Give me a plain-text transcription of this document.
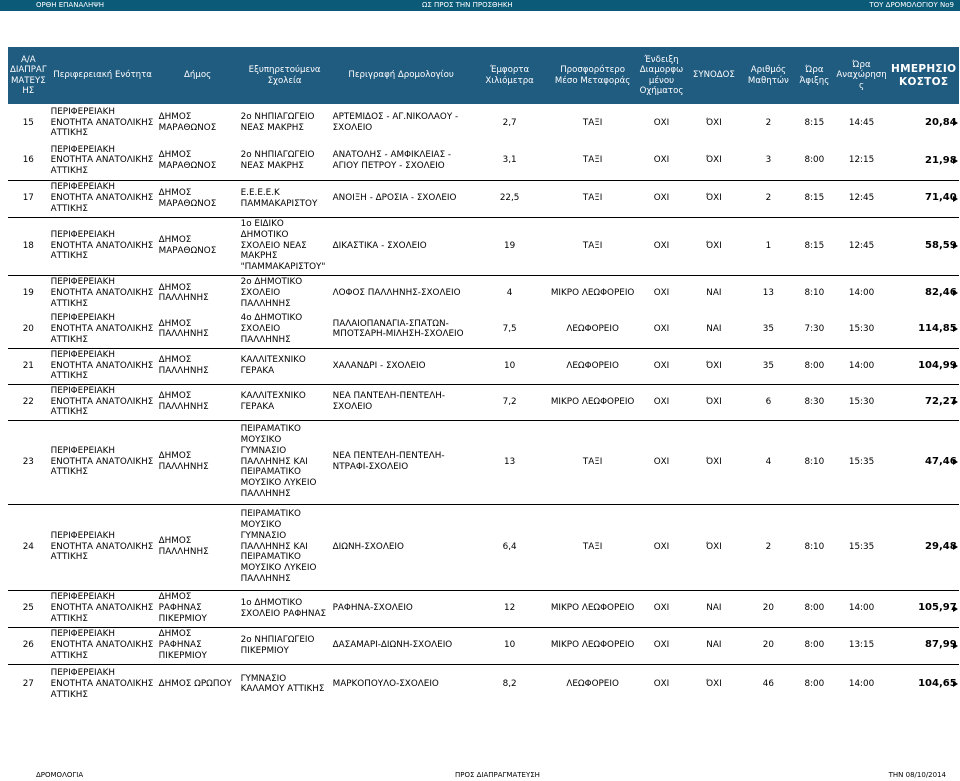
ΟΡΘΗ ΕΠΑΝΑΛΗΨΗ	ΩΣ ΠΡΟΣ ΤΗΝ ΠΡΟΣΘΗΚΗ	ΤΟΥ ΔΡΟΜΟΛΟΓΙΟΥ Νο9
Α/Α ΔΙΑΠΡΑΓ ΜΑΤΕΥΣ ΗΣ	Περιφερειακή Ενότητα	Δήμος	Εξυπηρετούμενα Σχολεία	Περιγραφή Δρομολογίου	Έμφορτα Χιλιόμετρα	Προσφορότερο Μέσο Μεταφοράς	Ένδειξη Διαμορφω μένου Οχήματος	ΣΥΝΟΔΟΣ	Αριθμός Μαθητών	Ώρα Άφιξης	Ώρα Αναχώρηση ς	ΗΜΕΡΗΣΙΟ ΚΟΣΤΟΣ
15	ΠΕΡΙΦΕΡΕΙΑΚΗ ΕΝΟΤΗΤΑ ΑΝΑΤΟΛΙΚΗΣ ΑΤΤΙΚΗΣ	ΔΗΜΟΣ ΜΑΡΑΘΩΝΟΣ	2ο ΝΗΠΙΑΓΩΓΕΙΟ ΝΕΑΣ ΜΑΚΡΗΣ	ΑΡΤΕΜΙΔΟΣ - ΑΓ.ΝΙΚΟΛΑΟΥ - ΣΧΟΛΕΙΟ	2,7	ΤΑΞΙ	ΟΧΙ	ΌΧΙ	2	8:15	14:45	20,84
16	ΠΕΡΙΦΕΡΕΙΑΚΗ ΕΝΟΤΗΤΑ ΑΝΑΤΟΛΙΚΗΣ ΑΤΤΙΚΗΣ	ΔΗΜΟΣ ΜΑΡΑΘΩΝΟΣ	2ο ΝΗΠΙΑΓΩΓΕΙΟ ΝΕΑΣ ΜΑΚΡΗΣ	ΑΝΑΤΟΛΗΣ - ΑΜΦΙΚΛΕΙΑΣ - ΑΓΙΟΥ ΠΕΤΡΟΥ - ΣΧΟΛΕΙΟ	3,1	ΤΑΞΙ	ΟΧΙ	ΌΧΙ	3	8:00	12:15	21,98
17	ΠΕΡΙΦΕΡΕΙΑΚΗ ΕΝΟΤΗΤΑ ΑΝΑΤΟΛΙΚΗΣ ΑΤΤΙΚΗΣ	ΔΗΜΟΣ ΜΑΡΑΘΩΝΟΣ	Ε.Ε.Ε.Ε.Κ ΠΑΜΜΑΚΑΡΙΣΤΟΥ	ΑΝΟΙΞΗ - ΔΡΟΣΙΑ - ΣΧΟΛΕΙΟ	22,5	ΤΑΞΙ	ΟΧΙ	ΌΧΙ	2	8:15	12:45	71,40
18	ΠΕΡΙΦΕΡΕΙΑΚΗ ΕΝΟΤΗΤΑ ΑΝΑΤΟΛΙΚΗΣ ΑΤΤΙΚΗΣ	ΔΗΜΟΣ ΜΑΡΑΘΩΝΟΣ	1ο ΕΙΔΙΚΟ ΔΗΜΟΤΙΚΟ ΣΧΟΛΕΙΟ ΝΕΑΣ ΜΑΚΡΗΣ "ΠΑΜΜΑΚΑΡΙΣΤΟΥ"	ΔΙΚΑΣΤΙΚΑ - ΣΧΟΛΕΙΟ	19	ΤΑΞΙ	ΟΧΙ	ΌΧΙ	1	8:15	12:45	58,59
19	ΠΕΡΙΦΕΡΕΙΑΚΗ ΕΝΟΤΗΤΑ ΑΝΑΤΟΛΙΚΗΣ ΑΤΤΙΚΗΣ	ΔΗΜΟΣ ΠΑΛΛΗΝΗΣ	2ο ΔΗΜΟΤΙΚΟ ΣΧΟΛΕΙΟ ΠΑΛΛΗΝΗΣ	ΛΟΦΟΣ ΠΑΛΛΗΝΗΣ-ΣΧΟΛΕΙΟ	4	ΜΙΚΡΟ ΛΕΩΦΟΡΕΙΟ	ΟΧΙ	ΝΑΙ	13	8:10	14:00	82,46
20	ΠΕΡΙΦΕΡΕΙΑΚΗ ΕΝΟΤΗΤΑ ΑΝΑΤΟΛΙΚΗΣ ΑΤΤΙΚΗΣ	ΔΗΜΟΣ ΠΑΛΛΗΝΗΣ	4ο ΔΗΜΟΤΙΚΟ ΣΧΟΛΕΙΟ ΠΑΛΛΗΝΗΣ	ΠΑΛΑΙΟΠΑΝΑΓΙΑ-ΣΠΑΤΩΝ-ΜΠΟΤΣΑΡΗ-ΜΙΛΗΣΗ-ΣΧΟΛΕΙΟ	7,5	ΛΕΩΦΟΡΕΙΟ	ΟΧΙ	ΝΑΙ	35	7:30	15:30	114,85
21	ΠΕΡΙΦΕΡΕΙΑΚΗ ΕΝΟΤΗΤΑ ΑΝΑΤΟΛΙΚΗΣ ΑΤΤΙΚΗΣ	ΔΗΜΟΣ ΠΑΛΛΗΝΗΣ	ΚΑΛΛΙΤΕΧΝΙΚΟ ΓΕΡΑΚΑ	ΧΑΛΑΝΔΡΙ - ΣΧΟΛΕΙΟ	10	ΛΕΩΦΟΡΕΙΟ	ΟΧΙ	ΌΧΙ	35	8:00	14:00	104,99
22	ΠΕΡΙΦΕΡΕΙΑΚΗ ΕΝΟΤΗΤΑ ΑΝΑΤΟΛΙΚΗΣ ΑΤΤΙΚΗΣ	ΔΗΜΟΣ ΠΑΛΛΗΝΗΣ	ΚΑΛΛΙΤΕΧΝΙΚΟ ΓΕΡΑΚΑ	ΝΕΑ ΠΑΝΤΕΛΗ-ΠΕΝΤΕΛΗ-ΣΧΟΛΕΙΟ	7,2	ΜΙΚΡΟ ΛΕΩΦΟΡΕΙΟ	ΟΧΙ	ΌΧΙ	6	8:30	15:30	72,27
23	ΠΕΡΙΦΕΡΕΙΑΚΗ ΕΝΟΤΗΤΑ ΑΝΑΤΟΛΙΚΗΣ ΑΤΤΙΚΗΣ	ΔΗΜΟΣ ΠΑΛΛΗΝΗΣ	ΠΕΙΡΑΜΑΤΙΚΟ ΜΟΥΣΙΚΟ ΓΥΜΝΑΣΙΟ ΠΑΛΛΗΝΗΣ ΚΑΙ ΠΕΙΡΑΜΑΤΙΚΟ ΜΟΥΣΙΚΟ ΛΥΚΕΙΟ ΠΑΛΛΗΝΗΣ	ΝΕΑ ΠΕΝΤΕΛΗ-ΠΕΝΤΕΛΗ-ΝΤΡΑΦΙ-ΣΧΟΛΕΙΟ	13	ΤΑΞΙ	ΟΧΙ	ΌΧΙ	4	8:10	15:35	47,46
24	ΠΕΡΙΦΕΡΕΙΑΚΗ ΕΝΟΤΗΤΑ ΑΝΑΤΟΛΙΚΗΣ ΑΤΤΙΚΗΣ	ΔΗΜΟΣ ΠΑΛΛΗΝΗΣ	ΠΕΙΡΑΜΑΤΙΚΟ ΜΟΥΣΙΚΟ ΓΥΜΝΑΣΙΟ ΠΑΛΛΗΝΗΣ ΚΑΙ ΠΕΙΡΑΜΑΤΙΚΟ ΜΟΥΣΙΚΟ ΛΥΚΕΙΟ ΠΑΛΛΗΝΗΣ	ΔΙΩΝΗ-ΣΧΟΛΕΙΟ	6,4	ΤΑΞΙ	ΟΧΙ	ΌΧΙ	2	8:10	15:35	29,48
25	ΠΕΡΙΦΕΡΕΙΑΚΗ ΕΝΟΤΗΤΑ ΑΝΑΤΟΛΙΚΗΣ ΑΤΤΙΚΗΣ	ΔΗΜΟΣ ΡΑΦΗΝΑΣ ΠΙΚΕΡΜΙΟΥ	1ο ΔΗΜΟΤΙΚΟ ΣΧΟΛΕΙΟ ΡΑΦΗΝΑΣ	ΡΑΦΗΝΑ-ΣΧΟΛΕΙΟ	12	ΜΙΚΡΟ ΛΕΩΦΟΡΕΙΟ	ΟΧΙ	ΝΑΙ	20	8:00	14:00	105,97
26	ΠΕΡΙΦΕΡΕΙΑΚΗ ΕΝΟΤΗΤΑ ΑΝΑΤΟΛΙΚΗΣ ΑΤΤΙΚΗΣ	ΔΗΜΟΣ ΡΑΦΗΝΑΣ ΠΙΚΕΡΜΙΟΥ	2ο ΝΗΠΙΑΓΩΓΕΙΟ ΠΙΚΕΡΜΙΟΥ	ΔΑΣΑΜΑΡΙ-ΔΙΩΝΗ-ΣΧΟΛΕΙΟ	10	ΜΙΚΡΟ ΛΕΩΦΟΡΕΙΟ	ΟΧΙ	ΝΑΙ	20	8:00	13:15	87,99
27	ΠΕΡΙΦΕΡΕΙΑΚΗ ΕΝΟΤΗΤΑ ΑΝΑΤΟΛΙΚΗΣ ΑΤΤΙΚΗΣ	ΔΗΜΟΣ ΩΡΩΠΟΥ	ΓΥΜΝΑΣΙΟ ΚΑΛΑΜΟΥ ΑΤΤΙΚΗΣ	ΜΑΡΚΟΠΟΥΛΟ-ΣΧΟΛΕΙΟ	8,2	ΛΕΩΦΟΡΕΙΟ	ΟΧΙ	ΌΧΙ	46	8:00	14:00	104,65
ΔΡΟΜΟΛΟΓΙΑ	ΠΡΟΣ ΔΙΑΠΡΑΓΜΑΤΕΥΣΗ	ΤΗΝ 08/10/2014
